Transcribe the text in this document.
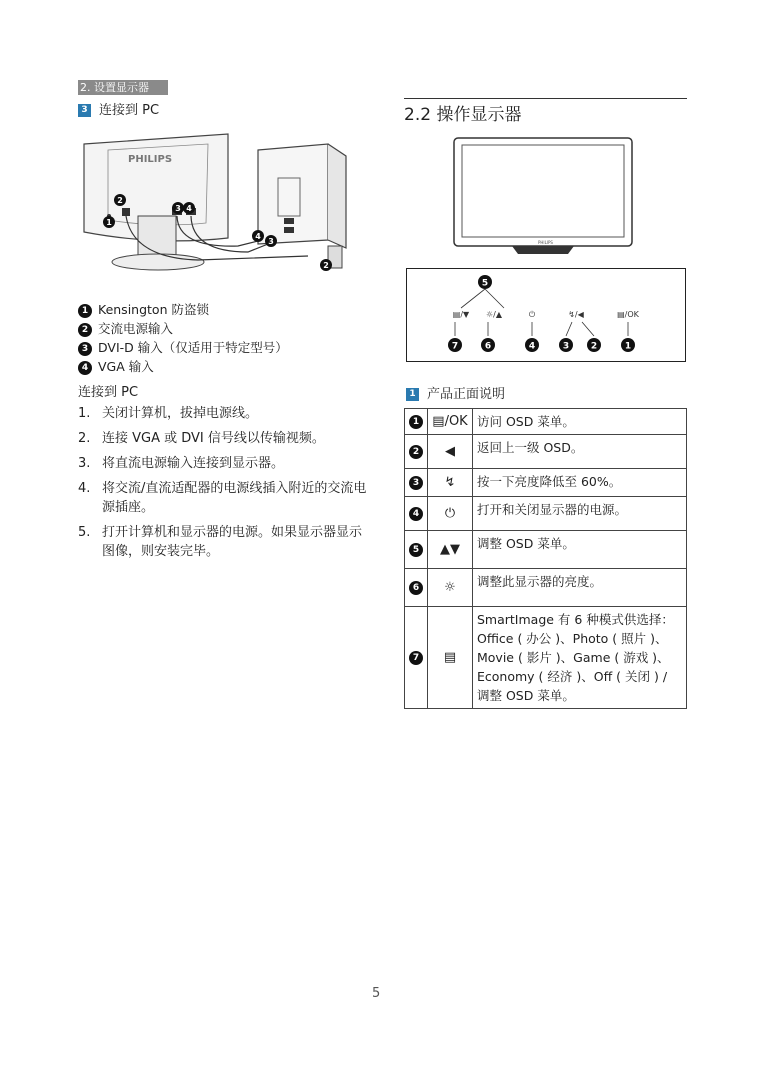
2. 设置显示器
3 连接到 PC
PHILIPS
1
2
3 4
4
3
2
1 Kensington 防盗锁
2 交流电源输入
3 DVI-D 输入（仅适用于特定型号）
4 VGA 输入
连接到 PC
1. 关闭计算机，拔掉电源线。
2. 连接 VGA 或 DVI 信号线以传输视频。
3. 将直流电源输入连接到显示器。
4. 将交流/直流适配器的电源线插入附近的交流电源插座。
5. 打开计算机和显示器的电源。如果显示器显示图像，则安装完毕。
2.2 操作显示器
PHILIPS
5
▤/▼ ☼/▲	⏻	↯/◀	▤/OK
7	6	4	3 2	1
1 产品正面说明
1	▤/OK	访问 OSD 菜单。
2	◀	返回上一级 OSD。
3	↯	按一下亮度降低至 60%。
4	⏻	打开和关闭显示器的电源。
5	▲▼	调整 OSD 菜单。
6	☼	调整此显示器的亮度。
7	▤	SmartImage 有 6 种模式供选择： Office ( 办公 )、Photo ( 照片 )、Movie ( 影片 )、Game ( 游戏 )、Economy ( 经济 )、Off ( 关闭 ) / 调整 OSD 菜单。
5
